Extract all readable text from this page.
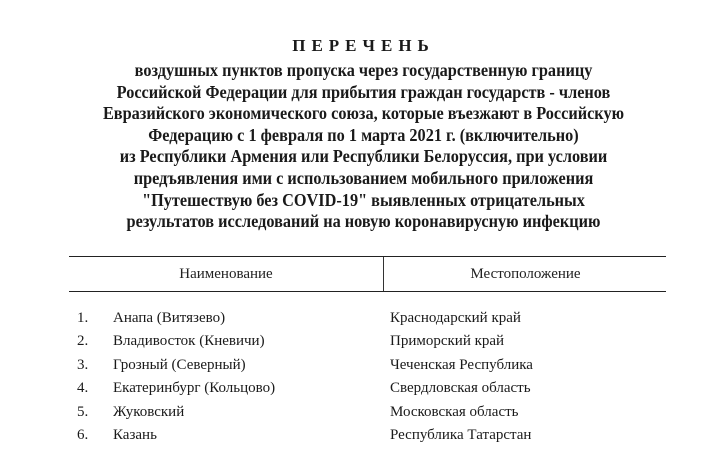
ПЕРЕЧЕНЬ
воздушных пунктов пропуска через государственную границу
Российской Федерации для прибытия граждан государств - членов
Евразийского экономического союза, которые въезжают в Российскую
Федерацию с 1 февраля по 1 марта 2021 г. (включительно)
из Республики Армения или Республики Белоруссия, при условии
предъявления ими с использованием мобильного приложения
"Путешествую без COVID-19" выявленных отрицательных
результатов исследований на новую коронавирусную инфекцию
Наименование	Местоположение
1. Анапа (Витязево)	Краснодарский край
2. Владивосток (Кневичи)	Приморский край
3. Грозный (Северный)	Чеченская Республика
4. Екатеринбург (Кольцово)	Свердловская область
5. Жуковский	Московская область
6. Казань	Республика Татарстан
